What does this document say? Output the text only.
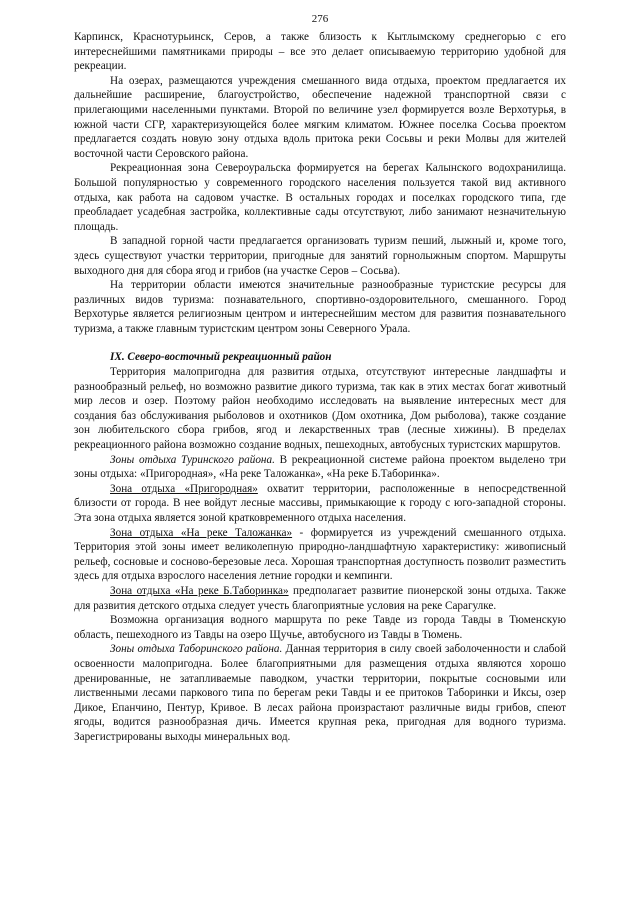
276

Карпинск, Краснотурьинск, Серов, а также близость к Кытлымскому среднегорью с его интереснейшими памятниками природы – все это делает описываемую территорию удобной для рекреации.

На озерах, размещаются учреждения смешанного вида отдыха, проектом предлагается их дальнейшие расширение, благоустройство, обеспечение надежной транспортной связи с прилегающими населенными пунктами. Второй по величине узел формируется возле Верхотурья, в южной части СГР, характеризующейся более мягким климатом. Южнее поселка Сосьва проектом предлагается создать новую зону отдыха вдоль притока реки Сосьвы и реки Молвы для жителей восточной части Серовского района.

Рекреационная зона Североуральска формируется на берегах Калынского водохранилища. Большой популярностью у современного городского населения пользуется такой вид активного отдыха, как работа на садовом участке. В остальных городах и поселках городского типа, где преобладает усадебная застройка, коллективные сады отсутствуют, либо занимают незначительную площадь.

В западной горной части предлагается организовать туризм пеший, лыжный и, кроме того, здесь существуют участки территории, пригодные для занятий горнолыжным спортом. Маршруты выходного дня для сбора ягод и грибов (на участке Серов – Сосьва).

На территории области имеются значительные разнообразные туристские ресурсы для различных видов туризма: познавательного, спортивно-оздоровительного, смешанного. Город Верхотурье является религиозным центром и интереснейшим местом для развития познавательного туризма, а также главным туристским центром зоны Северного Урала.

IX. Северо-восточный рекреационный район

Территория малопригодна для развития отдыха, отсутствуют интересные ландшафты и разнообразный рельеф, но возможно развитие дикого туризма, так как в этих местах богат животный мир лесов и озер. Поэтому район необходимо исследовать на выявление интересных мест для создания баз обслуживания рыболовов и охотников (Дом охотника, Дом рыболова), также создание зон любительского сбора грибов, ягод и лекарственных трав (лесные хижины). В пределах рекреационного района возможно создание водных, пешеходных, автобусных туристских маршрутов.

Зоны отдыха Туринского района. В рекреационной системе района проектом выделено три зоны отдыха: «Пригородная», «На реке Таложанка», «На реке Б.Таборинка».

Зона отдыха «Пригородная» охватит территории, расположенные в непосредственной близости от города. В нее войдут лесные массивы, примыкающие к городу с юго-западной стороны. Эта зона отдыха является зоной кратковременного отдыха населения.

Зона отдыха «На реке Таложанка» - формируется из учреждений смешанного отдыха. Территория этой зоны имеет великолепную природно-ландшафтную характеристику: живописный рельеф, сосновые и сосново-березовые леса. Хорошая транспортная доступность позволит разместить здесь для отдыха взрослого населения летние городки и кемпинги.

Зона отдыха «На реке Б.Таборинка» предполагает развитие пионерской зоны отдыха. Также для развития детского отдыха следует учесть благоприятные условия на реке Сарагулке.

Возможна организация водного маршрута по реке Тавде из города Тавды в Тюменскую область, пешеходного из Тавды на озеро Щучье, автобусного из Тавды в Тюмень.

Зоны отдыха Таборинского района. Данная территория в силу своей заболоченности и слабой освоенности малопригодна. Более благоприятными для размещения отдыха являются хорошо дренированные, не затапливаемые паводком, участки территории, покрытые сосновыми или лиственными лесами паркового типа по берегам реки Тавды и ее притоков Таборинки и Иксы, озер Дикое, Епанчино, Пентур, Кривое. В лесах района произрастают различные виды грибов, спеют ягоды, водится разнообразная дичь. Имеется крупная река, пригодная для водного туризма. Зарегистрированы выходы минеральных вод.
